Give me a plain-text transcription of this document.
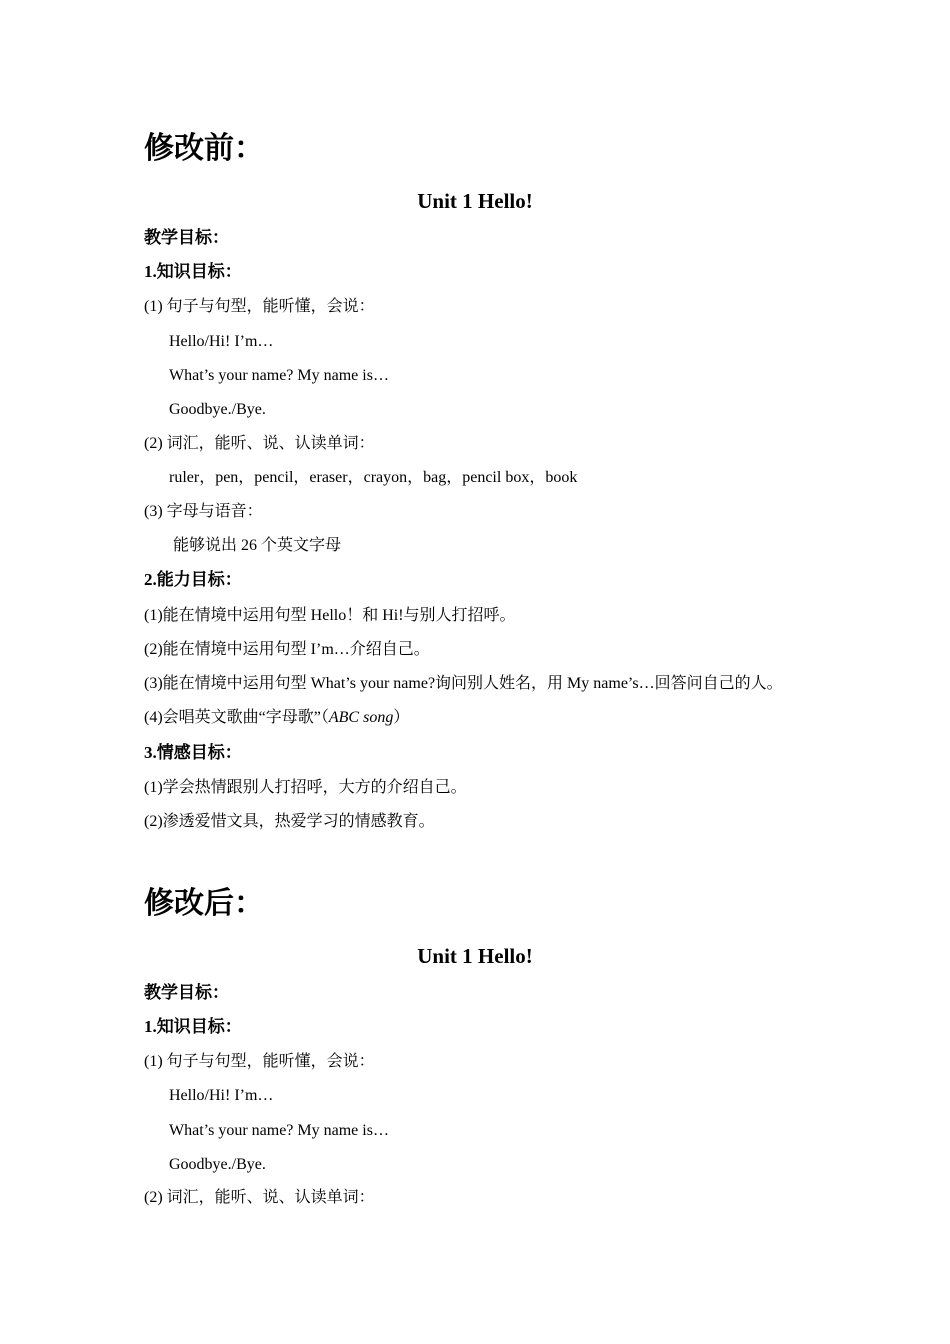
修改前：
Unit 1 Hello!
教学目标：
1.知识目标：
(1) 句子与句型，能听懂，会说：
Hello/Hi! I’m…
What’s your name? My name is…
Goodbye./Bye.
(2) 词汇，能听、说、认读单词：
ruler，pen，pencil，eraser，crayon，bag，pencil box，book
(3) 字母与语音：
能够说出 26 个英文字母
2.能力目标：
(1)能在情境中运用句型 Hello！和 Hi!与别人打招呼。
(2)能在情境中运用句型 I’m…介绍自己。
(3)能在情境中运用句型 What’s your name?询问别人姓名，用 My name’s…回答问自己的人。
(4)会唱英文歌曲“字母歌”（ABC song）
3.情感目标：
(1)学会热情跟别人打招呼，大方的介绍自己。
(2)渗透爱惜文具，热爱学习的情感教育。
修改后：
Unit 1 Hello!
教学目标：
1.知识目标：
(1) 句子与句型，能听懂，会说：
Hello/Hi! I’m…
What’s your name? My name is…
Goodbye./Bye.
(2) 词汇，能听、说、认读单词：
